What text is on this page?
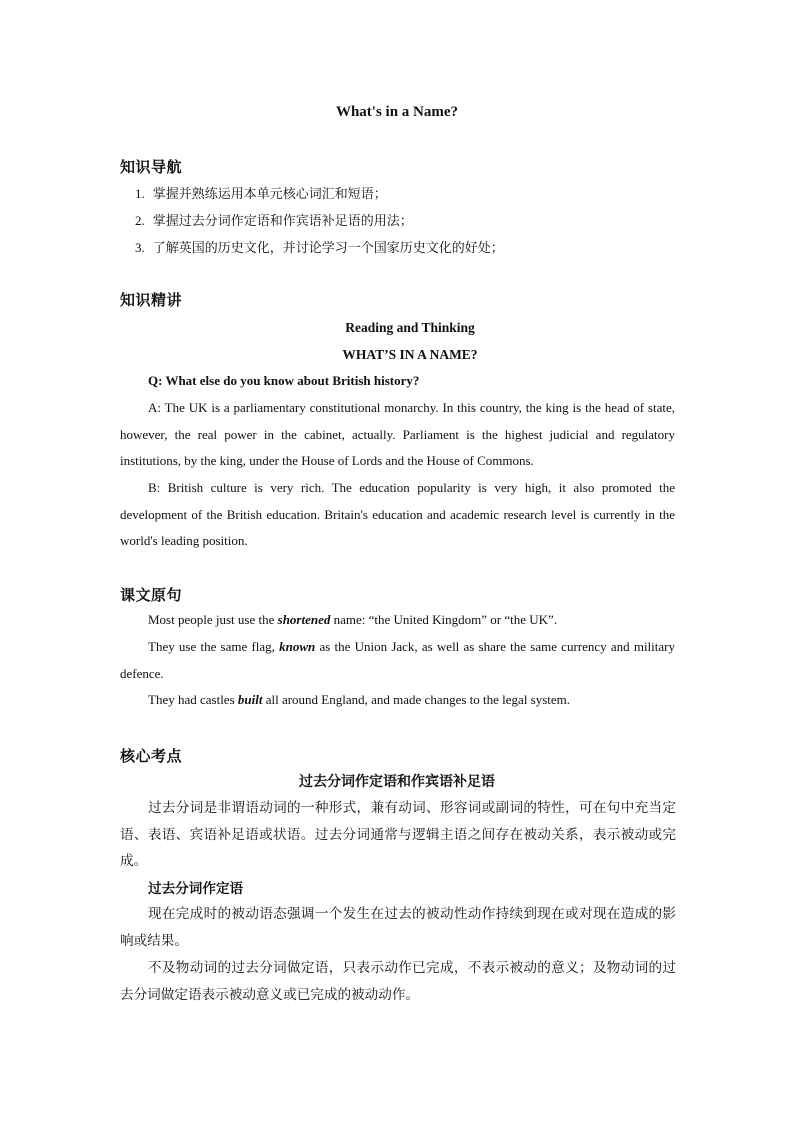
What's in a Name?
知识导航
1. 掌握并熟练运用本单元核心词汇和短语；
2. 掌握过去分词作定语和作宾语补足语的用法；
3. 了解英国的历史文化，并讨论学习一个国家历史文化的好处；
知识精讲
Reading and Thinking
WHAT’S IN A NAME?
Q: What else do you know about British history?

A: The UK is a parliamentary constitutional monarchy. In this country, the king is the head of state, however, the real power in the cabinet, actually. Parliament is the highest judicial and regulatory institutions, by the king, under the House of Lords and the House of Commons.

B: British culture is very rich. The education popularity is very high, it also promoted the development of the British education. Britain's education and academic research level is currently in the world's leading position.

课文原句

Most people just use the shortened name: “the United Kingdom” or “the UK”.

They use the same flag, known as the Union Jack, as well as share the same currency and military defence.

They had castles built all around England, and made changes to the legal system.

核心考点
过去分词作定语和作宾语补足语

过去分词是非谓语动词的一种形式，兼有动词、形容词或副词的特性，可在句中充当定语、表语、宾语补足语或状语。过去分词通常与逻辑主语之间存在被动关系，表示被动或完成。

过去分词作定语

现在完成时的被动语态强调一个发生在过去的被动性动作持续到现在或对现在造成的影响或结果。

不及物动词的过去分词做定语，只表示动作已完成，不表示被动的意义；及物动词的过去分词做定语表示被动意义或已完成的被动动作。
